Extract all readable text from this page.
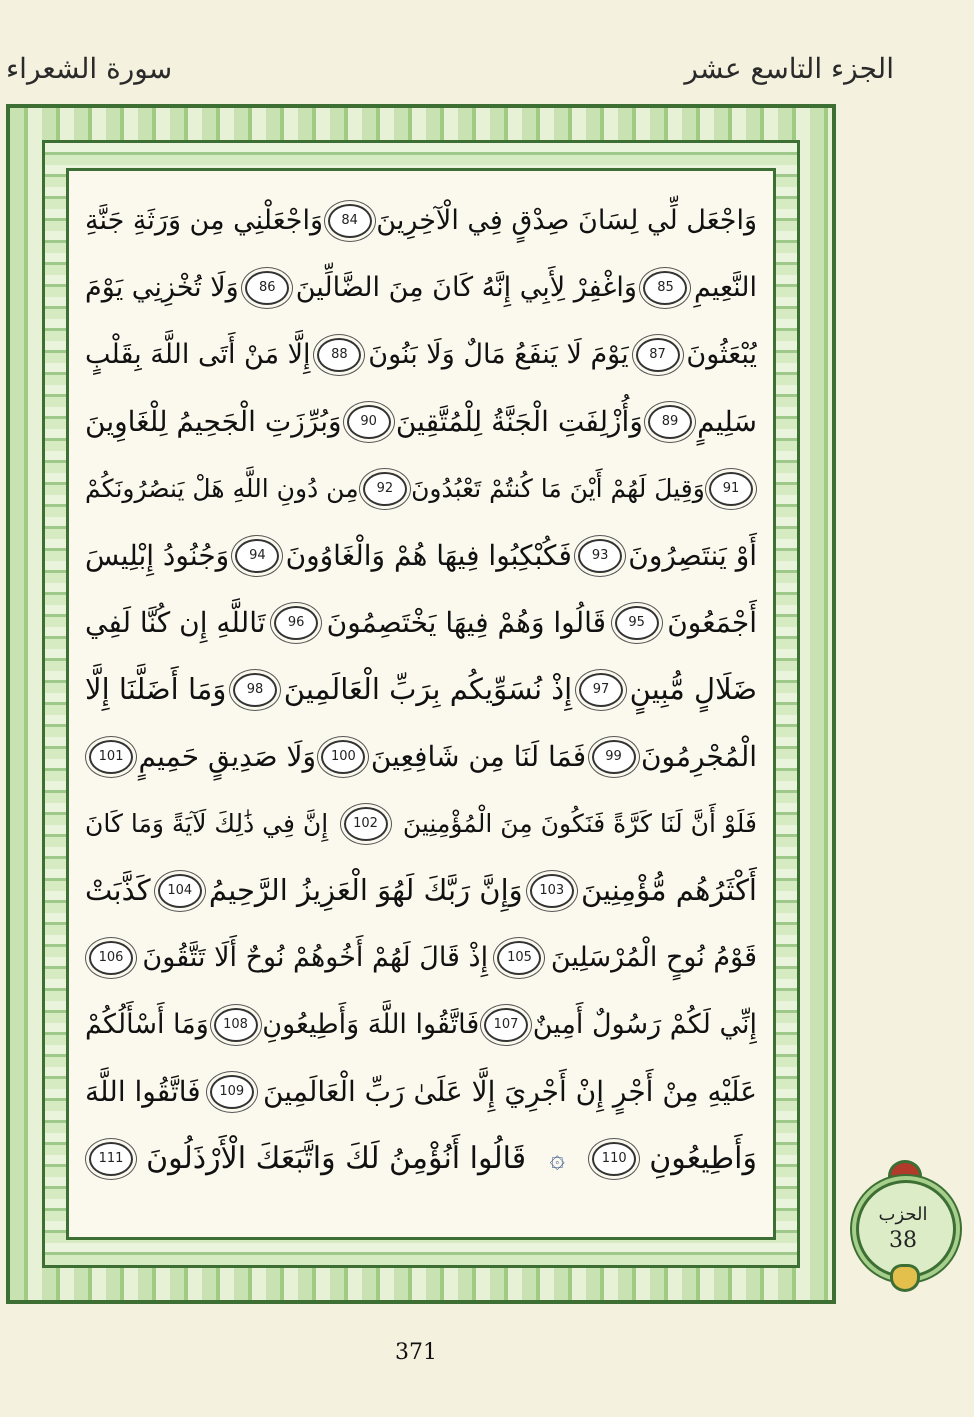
الجزء التاسع عشر
سورة الشعراء
وَاجْعَل لِّي لِسَانَ صِدْقٍ فِي الْآخِرِينَ
84
وَاجْعَلْنِي مِن وَرَثَةِ جَنَّةِ
النَّعِيمِ
85
وَاغْفِرْ لِأَبِي إِنَّهُ كَانَ مِنَ الضَّالِّينَ
86
وَلَا تُخْزِنِي يَوْمَ
يُبْعَثُونَ
87
يَوْمَ لَا يَنفَعُ مَالٌ وَلَا بَنُونَ
88
إِلَّا مَنْ أَتَى اللَّهَ بِقَلْبٍ
سَلِيمٍ
89
وَأُزْلِفَتِ الْجَنَّةُ لِلْمُتَّقِينَ
90
وَبُرِّزَتِ الْجَحِيمُ لِلْغَاوِينَ
91
وَقِيلَ لَهُمْ أَيْنَ مَا كُنتُمْ تَعْبُدُونَ
92
مِن دُونِ اللَّهِ هَلْ يَنصُرُونَكُمْ
أَوْ يَنتَصِرُونَ
93
فَكُبْكِبُوا فِيهَا هُمْ وَالْغَاوُونَ
94
وَجُنُودُ إِبْلِيسَ
أَجْمَعُونَ
95
قَالُوا وَهُمْ فِيهَا يَخْتَصِمُونَ
96
تَاللَّهِ إِن كُنَّا لَفِي
ضَلَالٍ مُّبِينٍ
97
إِذْ نُسَوِّيكُم بِرَبِّ الْعَالَمِينَ
98
وَمَا أَضَلَّنَا إِلَّا
الْمُجْرِمُونَ
99
فَمَا لَنَا مِن شَافِعِينَ
100
وَلَا صَدِيقٍ حَمِيمٍ
101
فَلَوْ أَنَّ لَنَا كَرَّةً فَنَكُونَ مِنَ الْمُؤْمِنِينَ
102
إِنَّ فِي ذَٰلِكَ لَآيَةً وَمَا كَانَ
أَكْثَرُهُم مُّؤْمِنِينَ
103
وَإِنَّ رَبَّكَ لَهُوَ الْعَزِيزُ الرَّحِيمُ
104
كَذَّبَتْ
قَوْمُ نُوحٍ الْمُرْسَلِينَ
105
إِذْ قَالَ لَهُمْ أَخُوهُمْ نُوحٌ أَلَا تَتَّقُونَ
106
إِنِّي لَكُمْ رَسُولٌ أَمِينٌ
107
فَاتَّقُوا اللَّهَ وَأَطِيعُونِ
108
وَمَا أَسْأَلُكُمْ
عَلَيْهِ مِنْ أَجْرٍ إِنْ أَجْرِيَ إِلَّا عَلَىٰ رَبِّ الْعَالَمِينَ
109
فَاتَّقُوا اللَّهَ
وَأَطِيعُونِ
110
۞
قَالُوا أَنُؤْمِنُ لَكَ وَاتَّبَعَكَ الْأَرْذَلُونَ
111
الحزب
38
371
